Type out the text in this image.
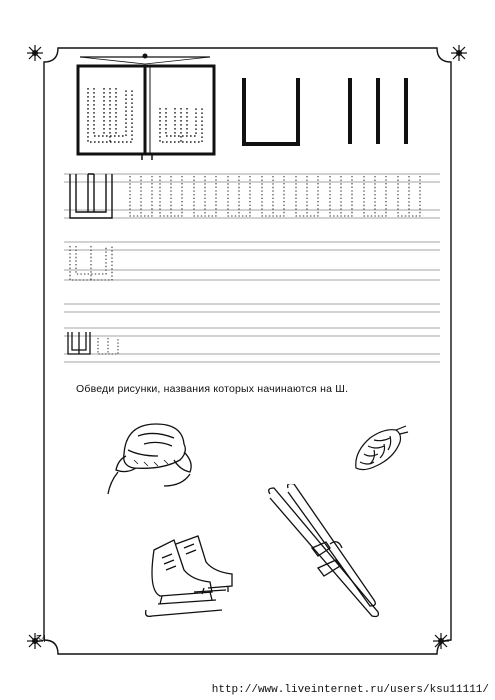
Обведи рисунки, названия которых начинаются на Ш.
54
http://www.liveinternet.ru/users/ksu11111/
